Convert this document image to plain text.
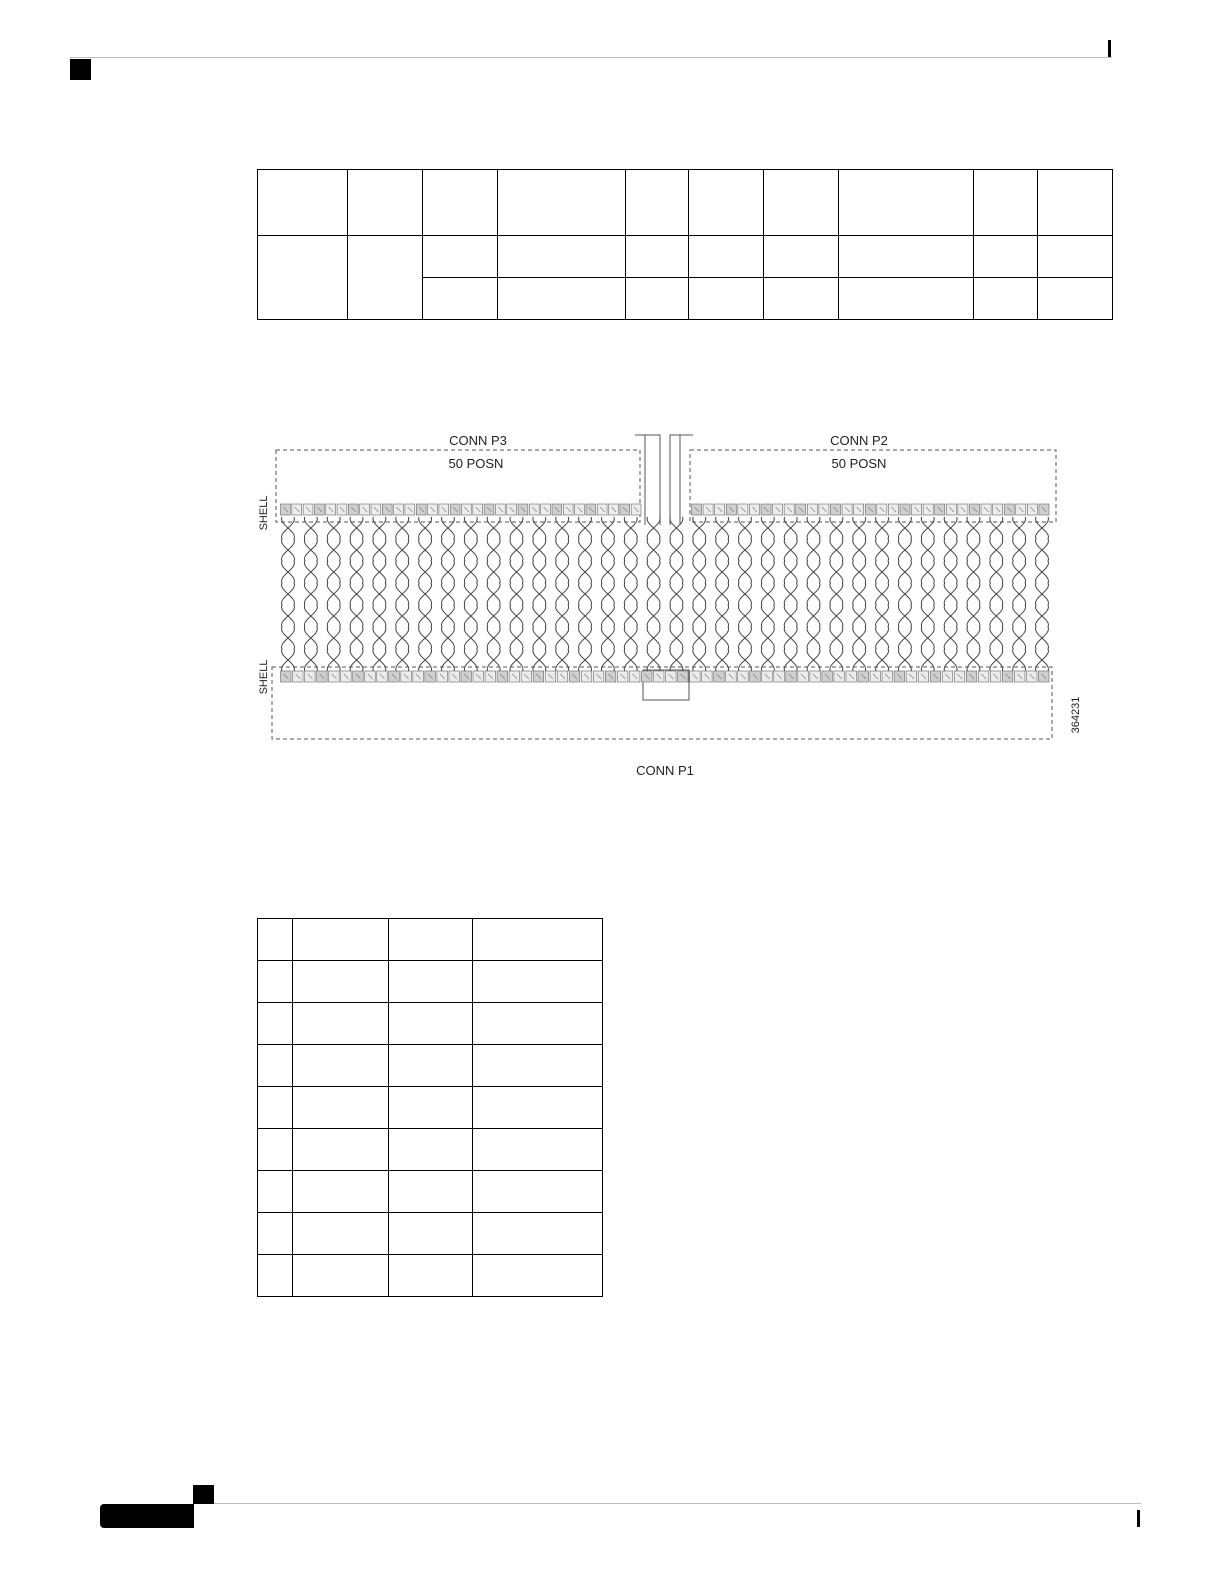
CONN P3
50 POSN
CONN P2
50 POSN
SHELL
SHELL
364231
CONN P1
